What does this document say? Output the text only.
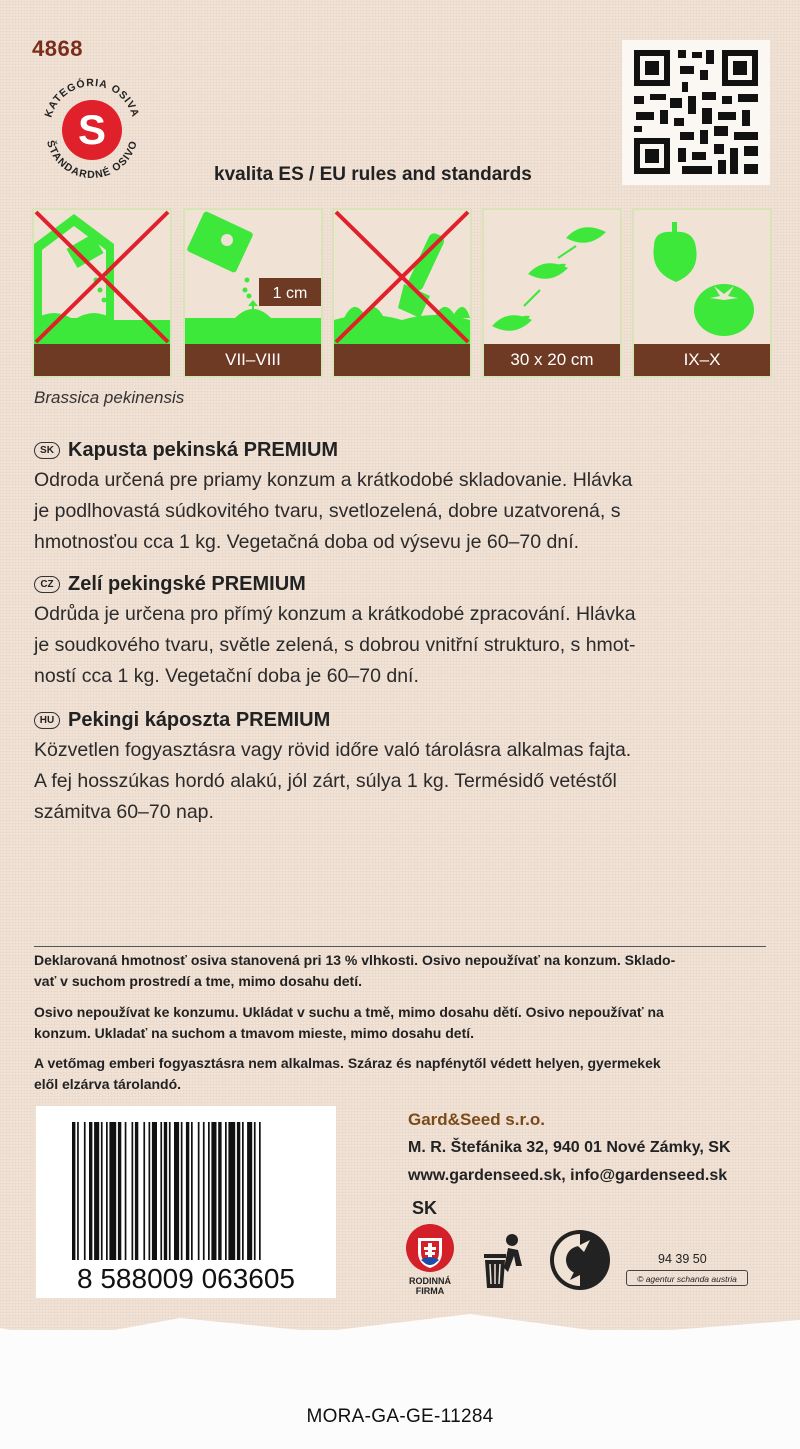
4868
KATEGÓRIA OSIVA
S
ŠTANDARDNÉ OSIVO
kvalita ES / EU rules and standards
1 cm
VII–VIII	30 x 20 cm	IX–X
Brassica pekinensis
SK Kapusta pekinská PREMIUM
Odroda určená pre priamy konzum a krátkodobé skladovanie. Hlávka
je podlhovastá súdkovitého tvaru, svetlozelená, dobre uzatvorená, s
hmotnosťou cca 1 kg. Vegetačná doba od výsevu je 60–70 dní.
CZ Zelí pekingské PREMIUM
Odrůda je určena pro přímý konzum a krátkodobé zpracování. Hlávka
je soudkového tvaru, světle zelená, s dobrou vnitřní strukturo, s hmot-
ností cca 1 kg. Vegetační doba je 60–70 dní.
HU Pekingi káposzta PREMIUM
Közvetlen fogyasztásra vagy rövid időre való tárolásra alkalmas fajta.
A fej hosszúkas hordó alakú, jól zárt, súlya 1 kg. Termésidő vetéstől
számitva 60–70 nap.
Deklarovaná hmotnosť osiva stanovená pri 13 % vlhkosti. Osivo nepoužívať na konzum. Sklado-
vať v suchom prostredí a tme, mimo dosahu detí.
Osivo nepoužívat ke konzumu. Ukládat v suchu a tmě, mimo dosahu dětí. Osivo nepoužívať na
konzum. Ukladať na suchom a tmavom mieste, mimo dosahu detí.
A vetőmag emberi fogyasztásra nem alkalmas. Száraz és napfénytől védett helyen, gyermekek
elől elzárva tárolandó.
8 588009 063605
Gard&Seed s.r.o.
M. R. Štefánika 32, 940 01 Nové Zámky, SK
www.gardenseed.sk, info@gardenseed.sk
SK
RODINNÁ
FIRMA
94 39 50
© agentur schanda austria
MORA-GA-GE-11284
